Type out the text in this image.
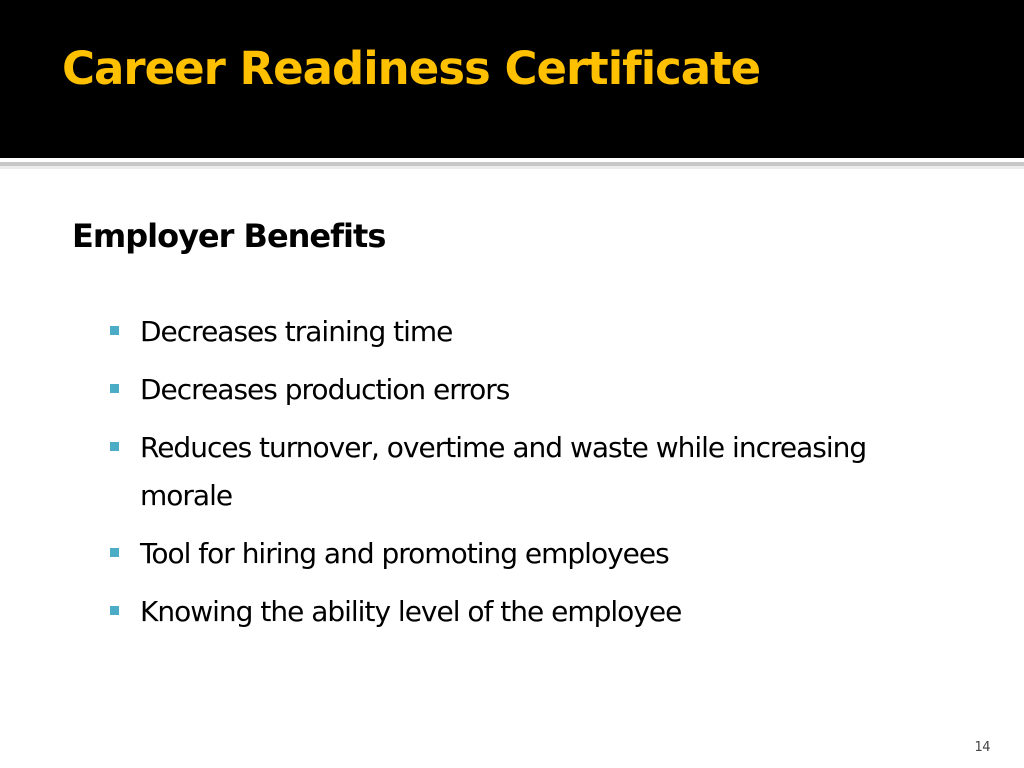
Career Readiness Certificate
Employer Benefits
Decreases training time
Decreases production errors
Reduces turnover, overtime and waste while increasing morale
Tool for hiring and promoting employees
Knowing the ability level of the employee
14
